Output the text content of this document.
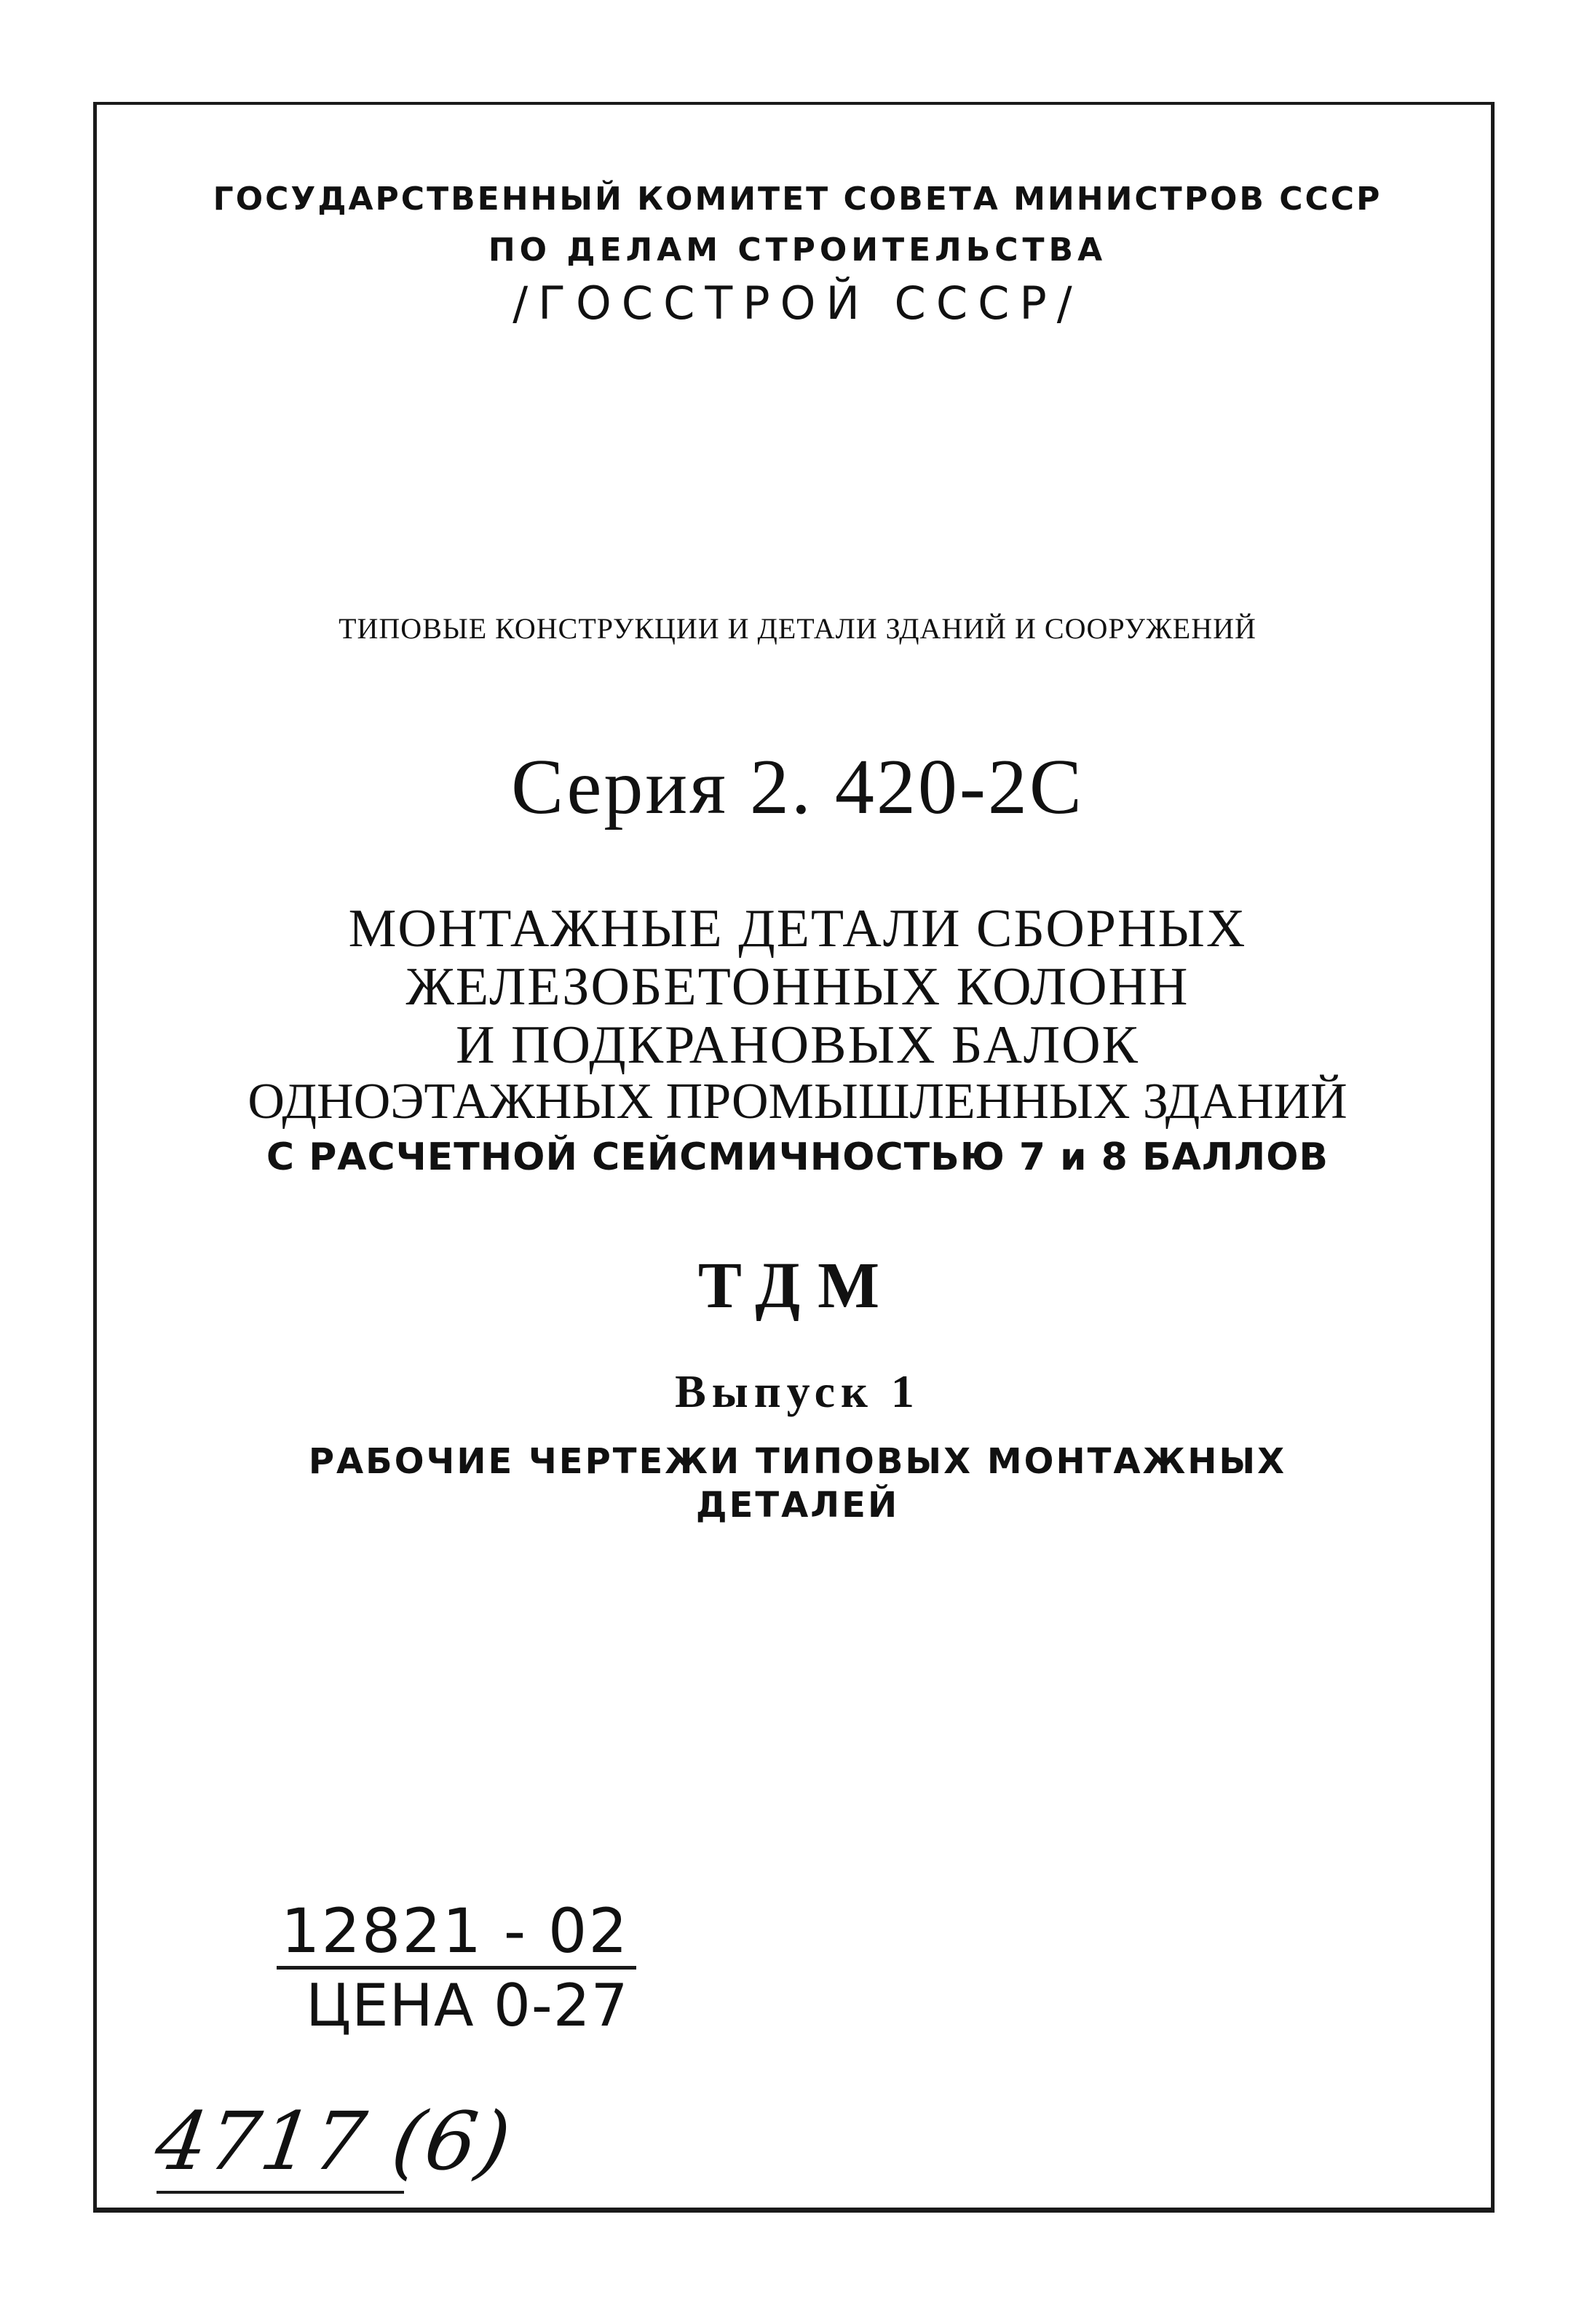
ГОСУДАРСТВЕННЫЙ КОМИТЕТ СОВЕТА МИНИСТРОВ СССР
ПО ДЕЛАМ СТРОИТЕЛЬСТВА
/ГОССТРОЙ СССР/
ТИПОВЫЕ КОНСТРУКЦИИ И ДЕТАЛИ ЗДАНИЙ И СООРУЖЕНИЙ
Серия 2. 420-2С
МОНТАЖНЫЕ ДЕТАЛИ СБОРНЫХ
ЖЕЛЕЗОБЕТОННЫХ КОЛОНН
И ПОДКРАНОВЫХ БАЛОК
ОДНОЭТАЖНЫХ ПРОМЫШЛЕННЫХ ЗДАНИЙ
С РАСЧЕТНОЙ СЕЙСМИЧНОСТЬЮ 7 и 8 БАЛЛОВ
ТДМ
Выпуск 1
РАБОЧИЕ ЧЕРТЕЖИ ТИПОВЫХ МОНТАЖНЫХ
ДЕТАЛЕЙ
12821 - 02
ЦЕНА 0-27
4717 (6)
